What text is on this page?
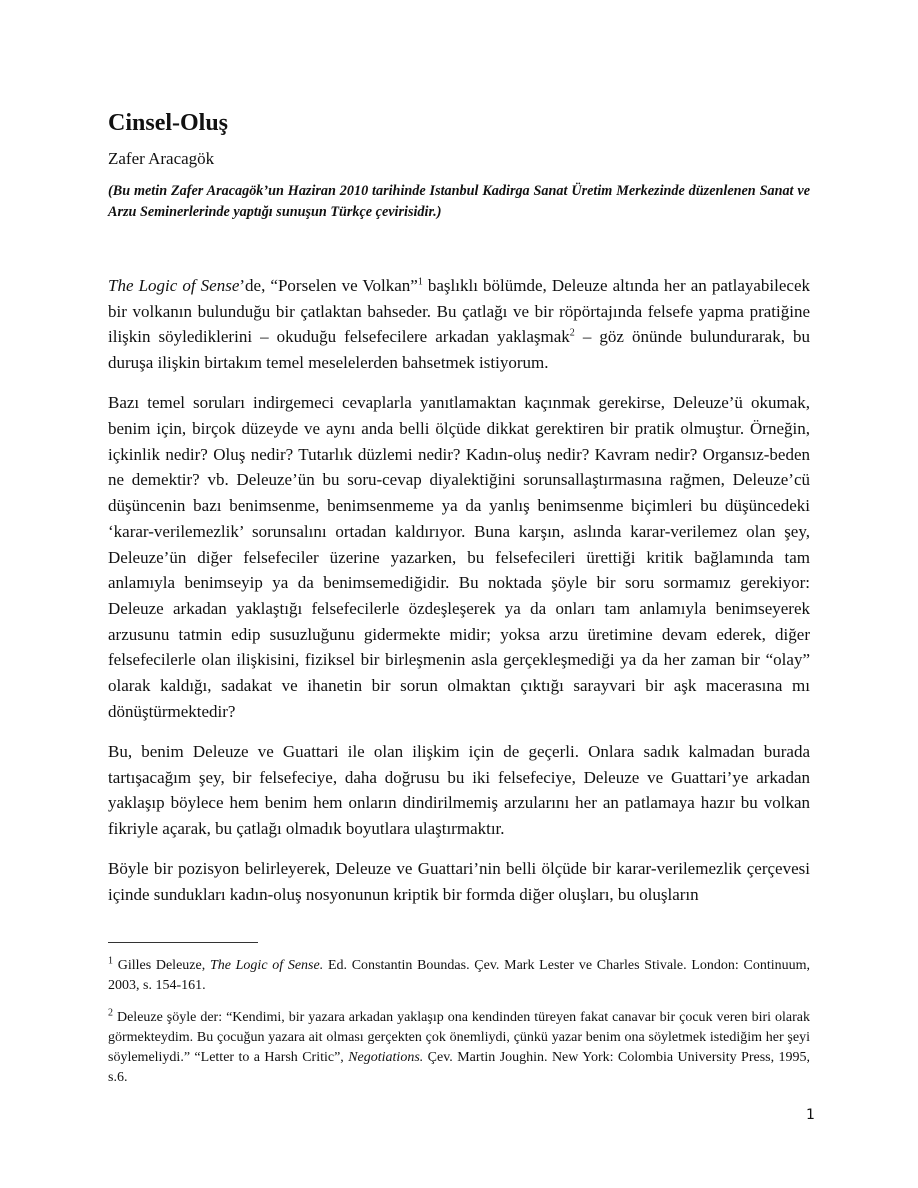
Cinsel-Oluş
Zafer Aracagök
(Bu metin Zafer Aracagök’un Haziran 2010 tarihinde Istanbul Kadirga Sanat Üretim Merkezinde düzenlenen Sanat ve Arzu Seminerlerinde yaptığı sunuşun Türkçe çevirisidir.)

The Logic of Sense’de, “Porselen ve Volkan”$^1$ başlıklı bölümde, Deleuze altında her an patlayabilecek bir volkanın bulunduğu bir çatlaktan bahseder. Bu çatlağı ve bir röpörtajında felsefe yapma pratiğine ilişkin söylediklerini – okuduğu felsefecilere arkadan yaklaşmak$^2$ – göz önünde bulundurarak, bu duruşa ilişkin birtakım temel meselelerden bahsetmek istiyorum.

Bazı temel soruları indirgemeci cevaplarla yanıtlamaktan kaçınmak gerekirse, Deleuze’ü okumak, benim için, birçok düzeyde ve aynı anda belli ölçüde dikkat gerektiren bir pratik olmuştur. Örneğin, içkinlik nedir? Oluş nedir? Tutarlık düzlemi nedir? Kadın-oluş nedir? Kavram nedir? Organsız-beden ne demektir? vb. Deleuze’ün bu soru-cevap diyalektiğini sorunsallaştırmasına rağmen, Deleuze’cü düşüncenin bazı benimsenme, benimsenmeme ya da yanlış benimsenme biçimleri bu düşüncedeki ‘karar-verilemezlik’ sorunsalını ortadan kaldırıyor. Buna karşın, aslında karar-verilemez olan şey, Deleuze’ün diğer felsefeciler üzerine yazarken, bu felsefecileri ürettiği kritik bağlamında tam anlamıyla benimseyip ya da benimsemediğidir. Bu noktada şöyle bir soru sormamız gerekiyor: Deleuze arkadan yaklaştığı felsefecilerle özdeşleşerek ya da onları tam anlamıyla benimseyerek arzusunu tatmin edip susuzluğunu gidermekte midir; yoksa arzu üretimine devam ederek, diğer felsefecilerle olan ilişkisini, fiziksel bir birleşmenin asla gerçekleşmediği ya da her zaman bir “olay” olarak kaldığı, sadakat ve ihanetin bir sorun olmaktan çıktığı sarayvari bir aşk macerasına mı dönüştürmektedir?

Bu, benim Deleuze ve Guattari ile olan ilişkim için de geçerli. Onlara sadık kalmadan burada tartışacağım şey, bir felsefeciye, daha doğrusu bu iki felsefeciye, Deleuze ve Guattari’ye arkadan yaklaşıp böylece hem benim hem onların dindirilmemiş arzularını her an patlamaya hazır bu volkan fikriyle açarak, bu çatlağı olmadık boyutlara ulaştırmaktır.

Böyle bir pozisyon belirleyerek, Deleuze ve Guattari’nin belli ölçüde bir karar-verilemezlik çerçevesi içinde sundukları kadın-oluş nosyonunun kriptik bir formda diğer oluşları, bu oluşların

$^1$ Gilles Deleuze, The Logic of Sense. Ed. Constantin Boundas. Çev. Mark Lester ve Charles Stivale. London: Continuum, 2003, s. 154-161.

$^2$ Deleuze şöyle der: “Kendimi, bir yazara arkadan yaklaşıp ona kendinden türeyen fakat canavar bir çocuk veren biri olarak görmekteydim. Bu çocuğun yazara ait olması gerçekten çok önemliydi, çünkü yazar benim ona söyletmek istediğim her şeyi söylemeliydi.” “Letter to a Harsh Critic”, Negotiations. Çev. Martin Joughin. New York: Colombia University Press, 1995, s.6.

1
